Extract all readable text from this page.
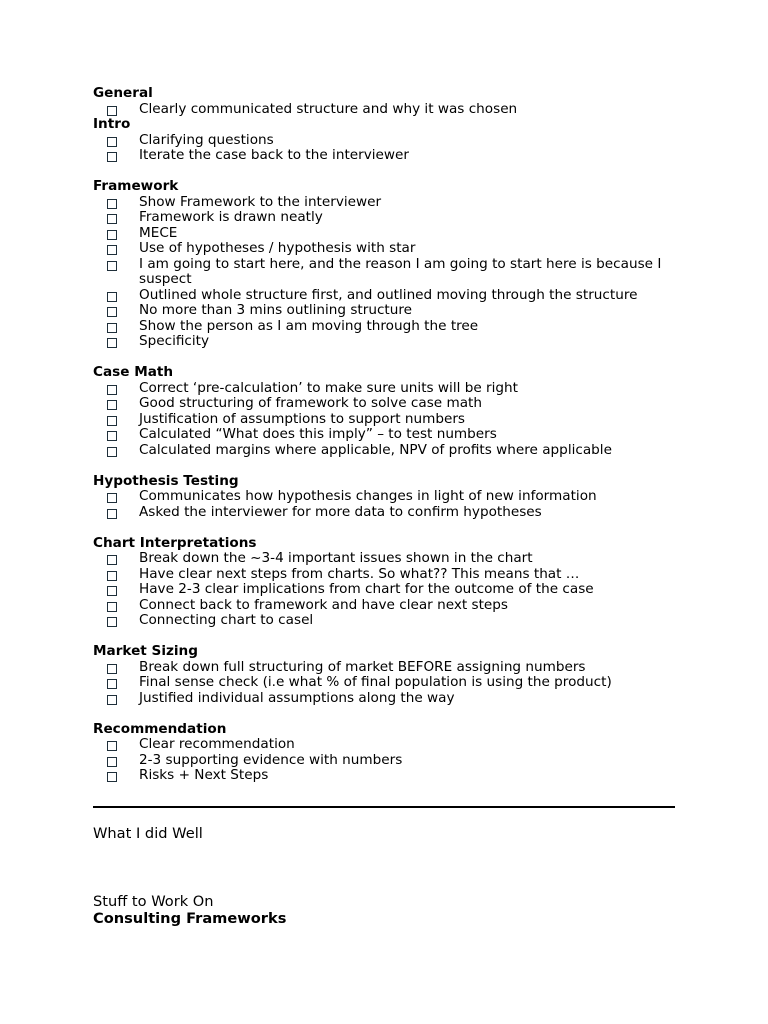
General
Clearly communicated structure and why it was chosen
Intro
Clarifying questions
Iterate the case back to the interviewer
Framework
Show Framework to the interviewer
Framework is drawn neatly
MECE
Use of hypotheses / hypothesis with star
I am going to start here, and the reason I am going to start here is because I suspect
Outlined whole structure first, and outlined moving through the structure
No more than 3 mins outlining structure
Show the person as I am moving through the tree
Specificity
Case Math
Correct ‘pre-calculation’ to make sure units will be right
Good structuring of framework to solve case math
Justification of assumptions to support numbers
Calculated “What does this imply” – to test numbers
Calculated margins where applicable, NPV of profits where applicable
Hypothesis Testing
Communicates how hypothesis changes in light of new information
Asked the interviewer for more data to confirm hypotheses
Chart Interpretations
Break down the ~3-4 important issues shown in the chart
Have clear next steps from charts. So what?? This means that …
Have 2-3 clear implications from chart for the outcome of the case
Connect back to framework and have clear next steps
Connecting chart to casel
Market Sizing
Break down full structuring of market BEFORE assigning numbers
Final sense check (i.e what % of final population is using the product)
Justified individual assumptions along the way
Recommendation
Clear recommendation
2-3 supporting evidence with numbers
Risks + Next Steps
What I did Well
Stuff to Work On
Consulting Frameworks
